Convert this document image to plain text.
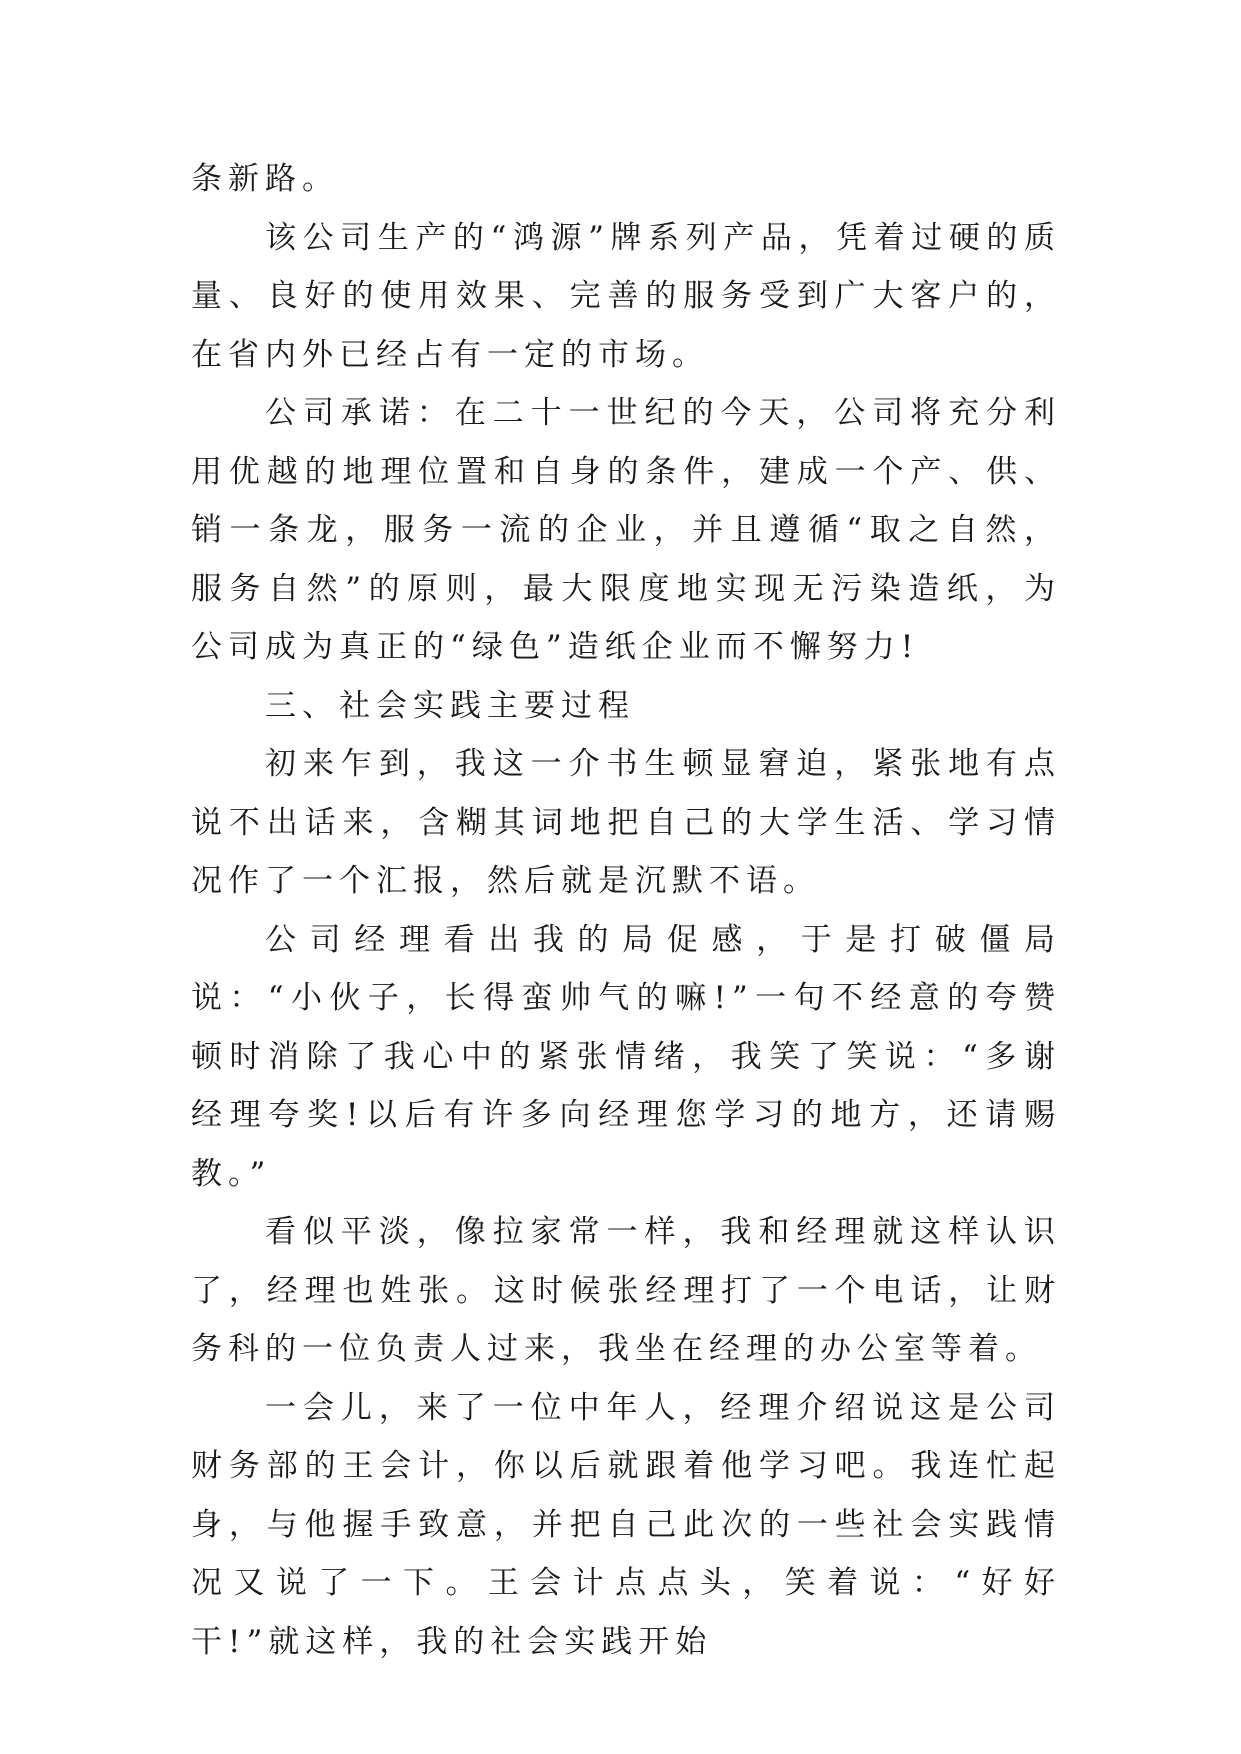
条新路。

该公司生产的“鸿源”牌系列产品，凭着过硬的质量、良好的使用效果、完善的服务受到广大客户的，在省内外已经占有一定的市场。

公司承诺：在二十一世纪的今天，公司将充分利用优越的地理位置和自身的条件，建成一个产、供、销一条龙，服务一流的企业，并且遵循“取之自然，服务自然”的原则，最大限度地实现无污染造纸，为公司成为真正的“绿色”造纸企业而不懈努力!

三、社会实践主要过程

初来乍到，我这一介书生顿显窘迫，紧张地有点说不出话来，含糊其词地把自己的大学生活、学习情况作了一个汇报，然后就是沉默不语。

公司经理看出我的局促感，于是打破僵局说：“小伙子，长得蛮帅气的嘛!”一句不经意的夸赞顿时消除了我心中的紧张情绪，我笑了笑说：“多谢经理夸奖!以后有许多向经理您学习的地方，还请赐教。”

看似平淡，像拉家常一样，我和经理就这样认识了，经理也姓张。这时候张经理打了一个电话，让财务科的一位负责人过来，我坐在经理的办公室等着。

一会儿，来了一位中年人，经理介绍说这是公司财务部的王会计，你以后就跟着他学习吧。我连忙起身，与他握手致意，并把自己此次的一些社会实践情况又说了一下。王会计点点头，笑着说：“好好干!”就这样，我的社会实践开始
